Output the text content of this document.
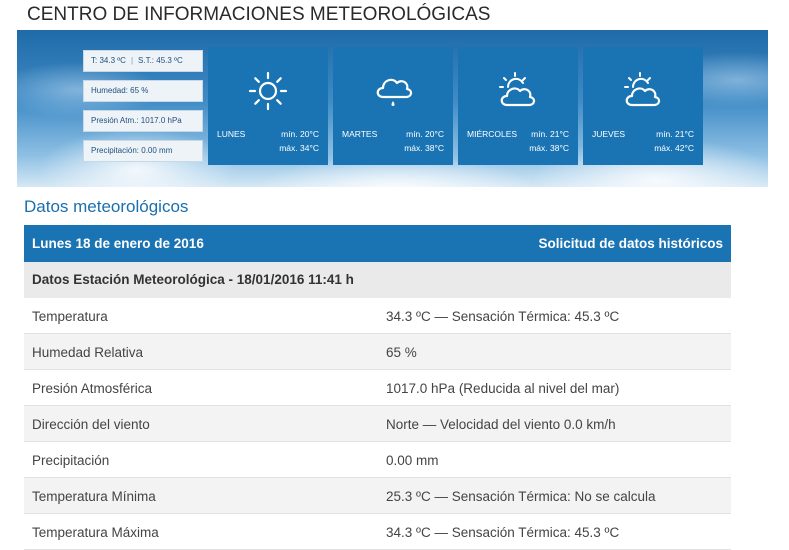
CENTRO DE INFORMACIONES METEOROLÓGICAS
T: 34.3 ºC | S.T.: 45.3 ºC
Humedad: 65 %
Presión Atm.: 1017.0 hPa
Precipitación: 0.00 mm
LUNES	mín. 20°C
máx. 34°C
MARTES	mín. 20°C
máx. 38°C
MIÉRCOLES mín. 21°C
máx. 38°C
JUEVES	mín. 21°C
máx. 42°C
Datos meteorológicos
Lunes 18 de enero de 2016	Solicitud de datos históricos
Datos Estación Meteorológica - 18/01/2016 11:41 h
Temperatura	34.3 ºC — Sensación Térmica: 45.3 ºC
Humedad Relativa	65 %
Presión Atmosférica	1017.0 hPa (Reducida al nivel del mar)
Dirección del viento	Norte — Velocidad del viento 0.0 km/h
Precipitación	0.00 mm
Temperatura Mínima	25.3 ºC — Sensación Térmica: No se calcula
Temperatura Máxima	34.3 ºC — Sensación Térmica: 45.3 ºC
